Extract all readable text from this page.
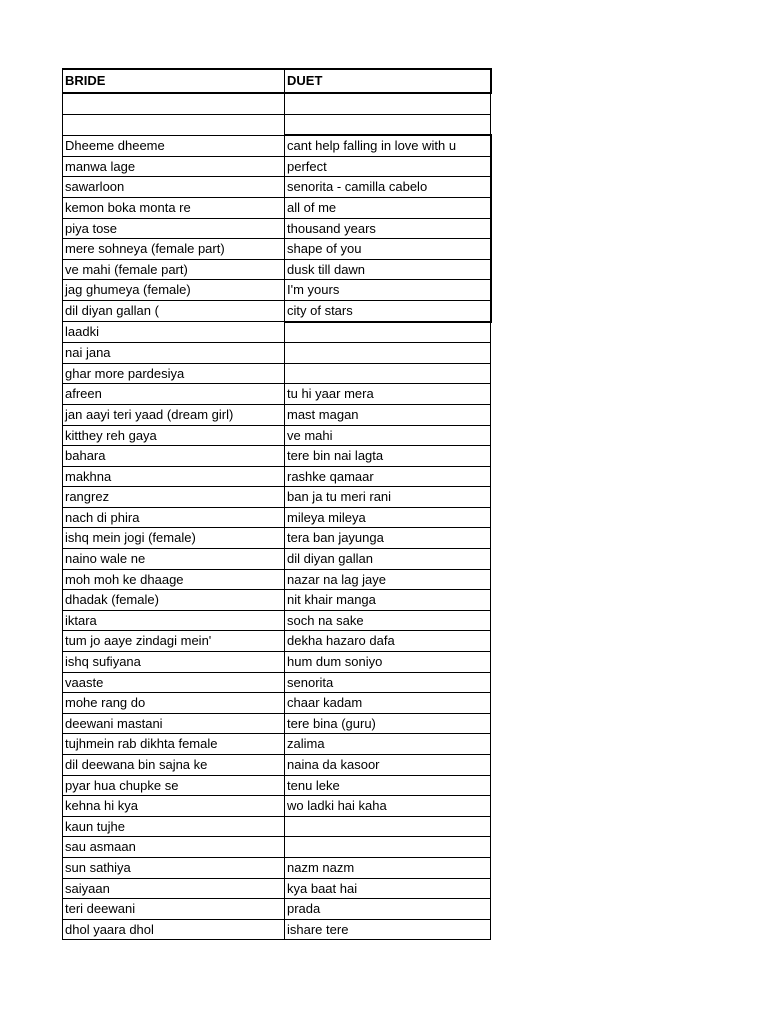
BRIDE	DUET

Dheeme dheeme	cant help falling in love with u
manwa lage	perfect
sawarloon	senorita - camilla cabelo
kemon boka monta re	all of me
piya tose	thousand years
mere sohneya (female part)	shape of you
ve mahi (female part)	dusk till dawn
jag ghumeya (female)	I'm yours
dil diyan gallan (	city of stars
laadki	
nai jana	
ghar more pardesiya	
afreen	tu hi yaar mera
jan aayi teri yaad (dream girl)	mast magan
kitthey reh gaya	ve mahi
bahara	tere bin nai lagta
makhna	rashke qamaar
rangrez	ban ja tu meri rani
nach di phira	mileya mileya
ishq mein jogi (female)	tera ban jayunga
naino wale ne	dil diyan gallan
moh moh ke dhaage	nazar na lag jaye
dhadak (female)	nit khair manga
iktara	soch na sake
tum jo aaye zindagi mein'	dekha hazaro dafa
ishq sufiyana	hum dum soniyo
vaaste	senorita
mohe rang do	chaar kadam
deewani mastani	tere bina (guru)
tujhmein rab dikhta female	zalima
dil deewana bin sajna ke	naina da kasoor
pyar hua chupke se	tenu leke
kehna hi kya	wo ladki hai kaha
kaun tujhe	
sau asmaan	
sun sathiya	nazm nazm
saiyaan	kya baat hai
teri deewani	prada
dhol yaara dhol	ishare tere
